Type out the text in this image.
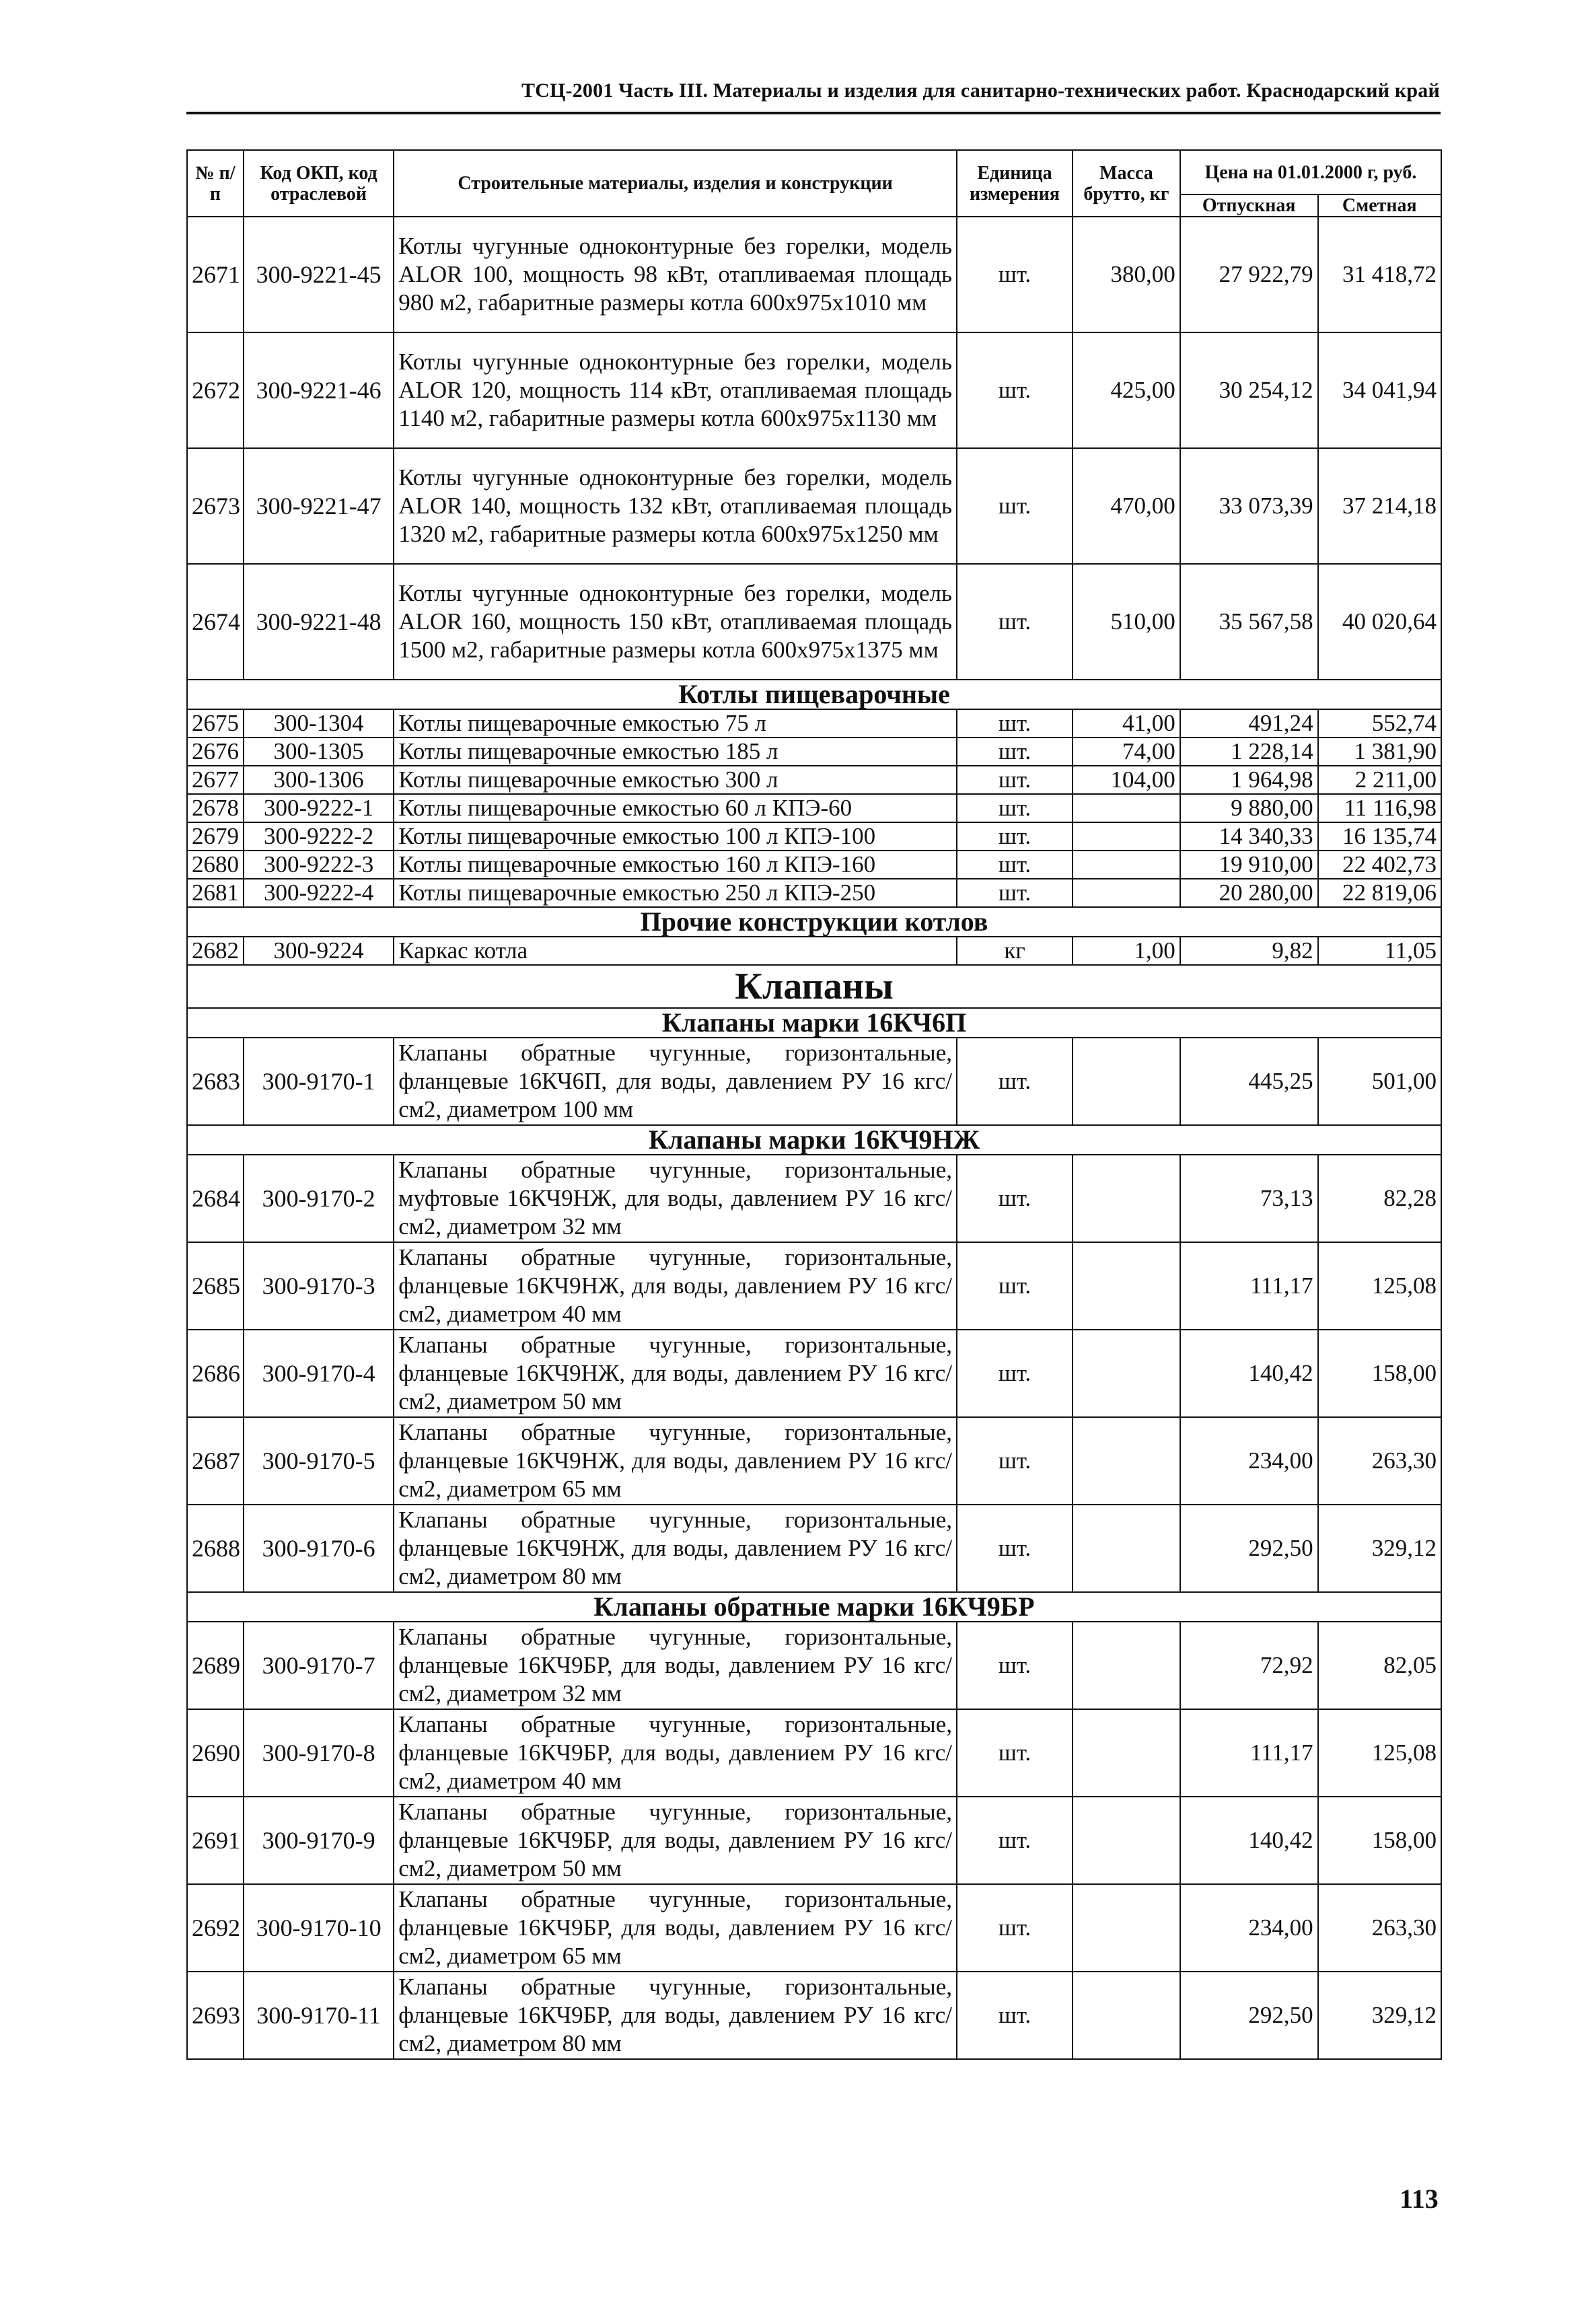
ТСЦ-2001 Часть III. Материалы и изделия для санитарно-технических работ. Краснодарский край
№ п/п	Код ОКП, код отраслевой	Строительные материалы, изделия и конструкции	Единица измерения	Масса брутто, кг	Цена на 01.01.2000 г, руб.	
					Отпускная	Сметная
2671	300-9221-45	Котлы чугунные одноконтурные без горелки, модель ALOR 100, мощность 98 кВт, отапливаемая площадь 980 м2, габаритные размеры котла 600x975x1010 мм	шт.	380,00	27 922,79	31 418,72
2672	300-9221-46	Котлы чугунные одноконтурные без горелки, модель ALOR 120, мощность 114 кВт, отапливаемая площадь 1140 м2, габаритные размеры котла 600x975x1130 мм	шт.	425,00	30 254,12	34 041,94
2673	300-9221-47	Котлы чугунные одноконтурные без горелки, модель ALOR 140, мощность 132 кВт, отапливаемая площадь 1320 м2, габаритные размеры котла 600x975x1250 мм	шт.	470,00	33 073,39	37 214,18
2674	300-9221-48	Котлы чугунные одноконтурные без горелки, модель ALOR 160, мощность 150 кВт, отапливаемая площадь 1500 м2, габаритные размеры котла 600x975x1375 мм	шт.	510,00	35 567,58	40 020,64
Котлы пищеварочные						
2675	300-1304	Котлы пищеварочные емкостью 75 л	шт.	41,00	491,24	552,74
2676	300-1305	Котлы пищеварочные емкостью 185 л	шт.	74,00	1 228,14	1 381,90
2677	300-1306	Котлы пищеварочные емкостью 300 л	шт.	104,00	1 964,98	2 211,00
2678	300-9222-1	Котлы пищеварочные емкостью 60 л КПЭ-60	шт.		9 880,00	11 116,98
2679	300-9222-2	Котлы пищеварочные емкостью 100 л КПЭ-100	шт.		14 340,33	16 135,74
2680	300-9222-3	Котлы пищеварочные емкостью 160 л КПЭ-160	шт.		19 910,00	22 402,73
2681	300-9222-4	Котлы пищеварочные емкостью 250 л КПЭ-250	шт.		20 280,00	22 819,06
Прочие конструкции котлов						
2682	300-9224	Каркас котла	кг	1,00	9,82	11,05
Клапаны						
Клапаны марки 16КЧ6П						
2683	300-9170-1	Клапаны обратные чугунные, горизонтальные, фланцевые 16КЧ6П, для воды, давлением РУ 16 кгс/см2, диаметром 100 мм	шт.		445,25	501,00
Клапаны марки 16КЧ9НЖ						
2684	300-9170-2	Клапаны обратные чугунные, горизонтальные, муфтовые 16КЧ9НЖ, для воды, давлением РУ 16 кгс/см2, диаметром 32 мм	шт.		73,13	82,28
2685	300-9170-3	Клапаны обратные чугунные, горизонтальные, фланцевые 16КЧ9НЖ, для воды, давлением РУ 16 кгс/см2, диаметром 40 мм	шт.		111,17	125,08
2686	300-9170-4	Клапаны обратные чугунные, горизонтальные, фланцевые 16КЧ9НЖ, для воды, давлением РУ 16 кгс/см2, диаметром 50 мм	шт.		140,42	158,00
2687	300-9170-5	Клапаны обратные чугунные, горизонтальные, фланцевые 16КЧ9НЖ, для воды, давлением РУ 16 кгс/см2, диаметром 65 мм	шт.		234,00	263,30
2688	300-9170-6	Клапаны обратные чугунные, горизонтальные, фланцевые 16КЧ9НЖ, для воды, давлением РУ 16 кгс/см2, диаметром 80 мм	шт.		292,50	329,12
Клапаны обратные марки 16КЧ9БР						
2689	300-9170-7	Клапаны обратные чугунные, горизонтальные, фланцевые 16КЧ9БР, для воды, давлением РУ 16 кгс/см2, диаметром 32 мм	шт.		72,92	82,05
2690	300-9170-8	Клапаны обратные чугунные, горизонтальные, фланцевые 16КЧ9БР, для воды, давлением РУ 16 кгс/см2, диаметром 40 мм	шт.		111,17	125,08
2691	300-9170-9	Клапаны обратные чугунные, горизонтальные, фланцевые 16КЧ9БР, для воды, давлением РУ 16 кгс/см2, диаметром 50 мм	шт.		140,42	158,00
2692	300-9170-10	Клапаны обратные чугунные, горизонтальные, фланцевые 16КЧ9БР, для воды, давлением РУ 16 кгс/см2, диаметром 65 мм	шт.		234,00	263,30
2693	300-9170-11	Клапаны обратные чугунные, горизонтальные, фланцевые 16КЧ9БР, для воды, давлением РУ 16 кгс/см2, диаметром 80 мм	шт.		292,50	329,12
113
